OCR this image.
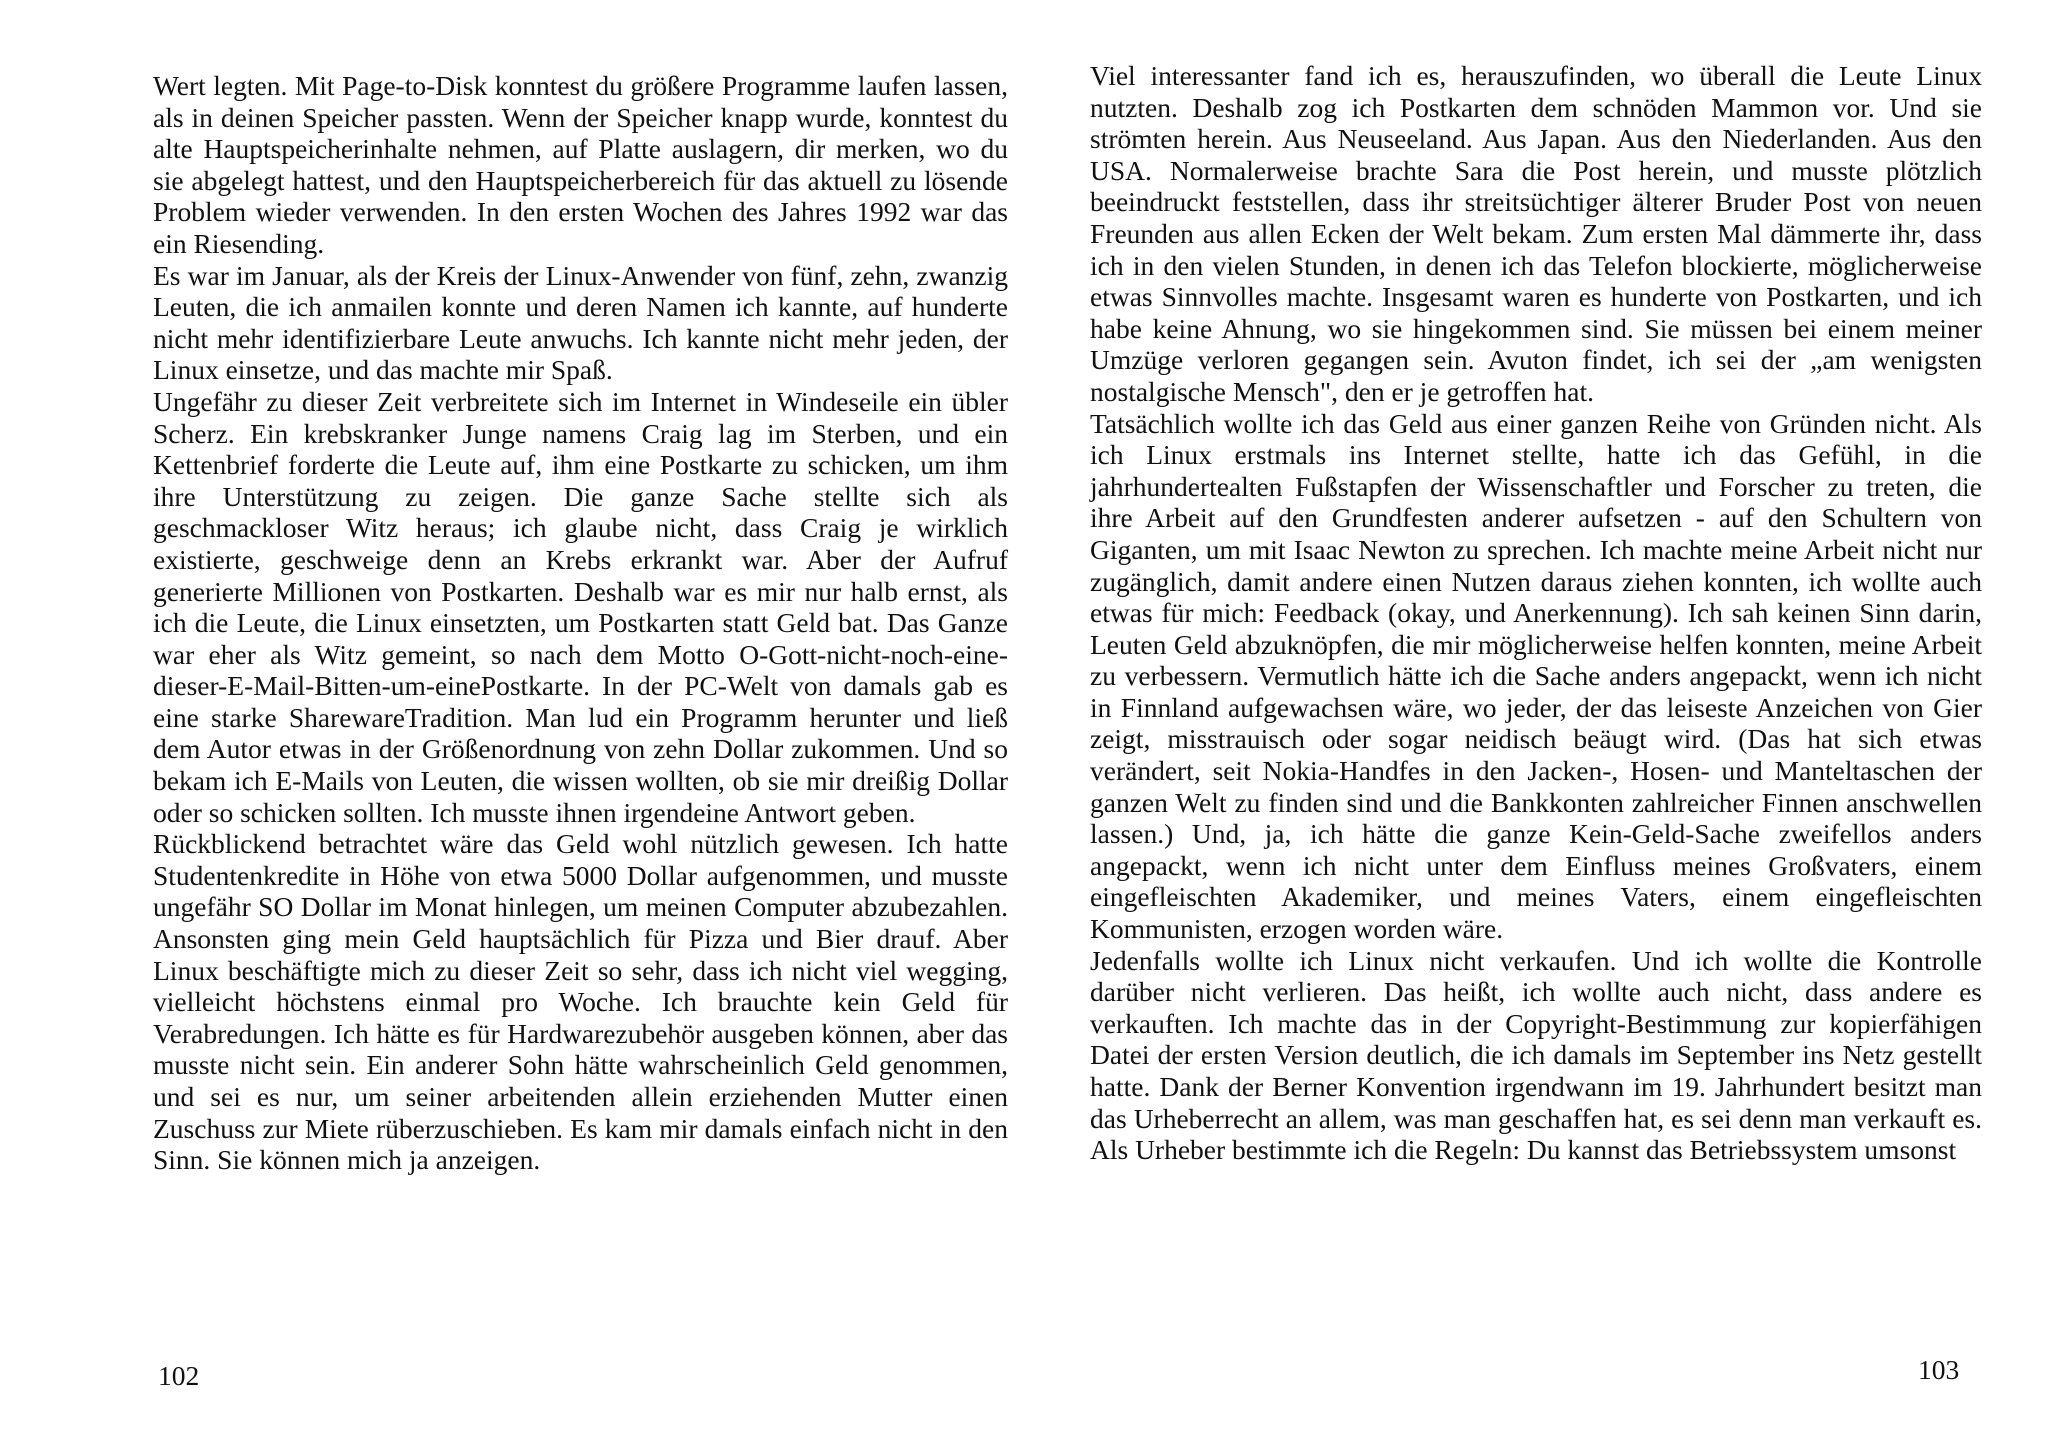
Wert legten. Mit Page-to-Disk konntest du größere Programme laufen lassen, als in deinen Speicher passten. Wenn der Speicher knapp wurde, konntest du alte Hauptspeicherinhalte nehmen, auf Platte auslagern, dir merken, wo du sie abgelegt hattest, und den Hauptspeicherbereich für das aktuell zu lösende Problem wieder verwenden. In den ersten Wochen des Jahres 1992 war das ein Riesending.

Es war im Januar, als der Kreis der Linux-Anwender von fünf, zehn, zwanzig Leuten, die ich anmailen konnte und deren Namen ich kannte, auf hunderte nicht mehr identifizierbare Leute anwuchs. Ich kannte nicht mehr jeden, der Linux einsetze, und das machte mir Spaß.

Ungefähr zu dieser Zeit verbreitete sich im Internet in Windeseile ein übler Scherz. Ein krebskranker Junge namens Craig lag im Sterben, und ein Kettenbrief forderte die Leute auf, ihm eine Postkarte zu schicken, um ihm ihre Unterstützung zu zeigen. Die ganze Sache stellte sich als geschmackloser Witz heraus; ich glaube nicht, dass Craig je wirklich existierte, geschweige denn an Krebs erkrankt war. Aber der Aufruf generierte Millionen von Postkarten. Deshalb war es mir nur halb ernst, als ich die Leute, die Linux einsetzten, um Postkarten statt Geld bat. Das Ganze war eher als Witz gemeint, so nach dem Motto O-Gott-nicht-noch-eine-dieser-E-Mail-Bitten-um-einePostkarte. In der PC-Welt von damals gab es eine starke SharewareTradition. Man lud ein Programm herunter und ließ dem Autor etwas in der Größenordnung von zehn Dollar zukommen. Und so bekam ich E-Mails von Leuten, die wissen wollten, ob sie mir dreißig Dollar oder so schicken sollten. Ich musste ihnen irgendeine Antwort geben.

Rückblickend betrachtet wäre das Geld wohl nützlich gewesen. Ich hatte Studentenkredite in Höhe von etwa 5000 Dollar aufgenommen, und musste ungefähr SO Dollar im Monat hinlegen, um meinen Computer abzubezahlen. Ansonsten ging mein Geld hauptsächlich für Pizza und Bier drauf. Aber Linux beschäftigte mich zu dieser Zeit so sehr, dass ich nicht viel wegging, vielleicht höchstens einmal pro Woche. Ich brauchte kein Geld für Verabredungen. Ich hätte es für Hardwarezubehör ausgeben können, aber das musste nicht sein. Ein anderer Sohn hätte wahrscheinlich Geld genommen, und sei es nur, um seiner arbeitenden allein erziehenden Mutter einen Zuschuss zur Miete rüberzuschieben. Es kam mir damals einfach nicht in den Sinn. Sie können mich ja anzeigen.

102

Viel interessanter fand ich es, herauszufinden, wo überall die Leute Linux nutzten. Deshalb zog ich Postkarten dem schnöden Mammon vor. Und sie strömten herein. Aus Neuseeland. Aus Japan. Aus den Niederlanden. Aus den USA. Normalerweise brachte Sara die Post herein, und musste plötzlich beeindruckt feststellen, dass ihr streitsüchtiger älterer Bruder Post von neuen Freunden aus allen Ecken der Welt bekam. Zum ersten Mal dämmerte ihr, dass ich in den vielen Stunden, in denen ich das Telefon blockierte, möglicherweise etwas Sinnvolles machte. Insgesamt waren es hunderte von Postkarten, und ich habe keine Ahnung, wo sie hingekommen sind. Sie müssen bei einem meiner Umzüge verloren gegangen sein. Avuton findet, ich sei der „am wenigsten nostalgische Mensch", den er je getroffen hat.

Tatsächlich wollte ich das Geld aus einer ganzen Reihe von Gründen nicht. Als ich Linux erstmals ins Internet stellte, hatte ich das Gefühl, in die jahrhundertealten Fußstapfen der Wissenschaftler und Forscher zu treten, die ihre Arbeit auf den Grundfesten anderer aufsetzen - auf den Schultern von Giganten, um mit Isaac Newton zu sprechen. Ich machte meine Arbeit nicht nur zugänglich, damit andere einen Nutzen daraus ziehen konnten, ich wollte auch etwas für mich: Feedback (okay, und Anerkennung). Ich sah keinen Sinn darin, Leuten Geld abzuknöpfen, die mir möglicherweise helfen konnten, meine Arbeit zu verbessern. Vermutlich hätte ich die Sache anders angepackt, wenn ich nicht in Finnland aufgewachsen wäre, wo jeder, der das leiseste Anzeichen von Gier zeigt, misstrauisch oder sogar neidisch beäugt wird. (Das hat sich etwas verändert, seit Nokia-Handfes in den Jacken-, Hosen- und Manteltaschen der ganzen Welt zu finden sind und die Bankkonten zahlreicher Finnen anschwellen lassen.) Und, ja, ich hätte die ganze Kein-Geld-Sache zweifellos anders angepackt, wenn ich nicht unter dem Einfluss meines Großvaters, einem eingefleischten Akademiker, und meines Vaters, einem eingefleischten Kommunisten, erzogen worden wäre.

Jedenfalls wollte ich Linux nicht verkaufen. Und ich wollte die Kontrolle darüber nicht verlieren. Das heißt, ich wollte auch nicht, dass andere es verkauften. Ich machte das in der Copyright-Bestimmung zur kopierfähigen Datei der ersten Version deutlich, die ich damals im September ins Netz gestellt hatte. Dank der Berner Konvention irgendwann im 19. Jahrhundert besitzt man das Urheberrecht an allem, was man geschaffen hat, es sei denn man verkauft es. Als Urheber bestimmte ich die Regeln: Du kannst das Betriebssystem umsonst

103
